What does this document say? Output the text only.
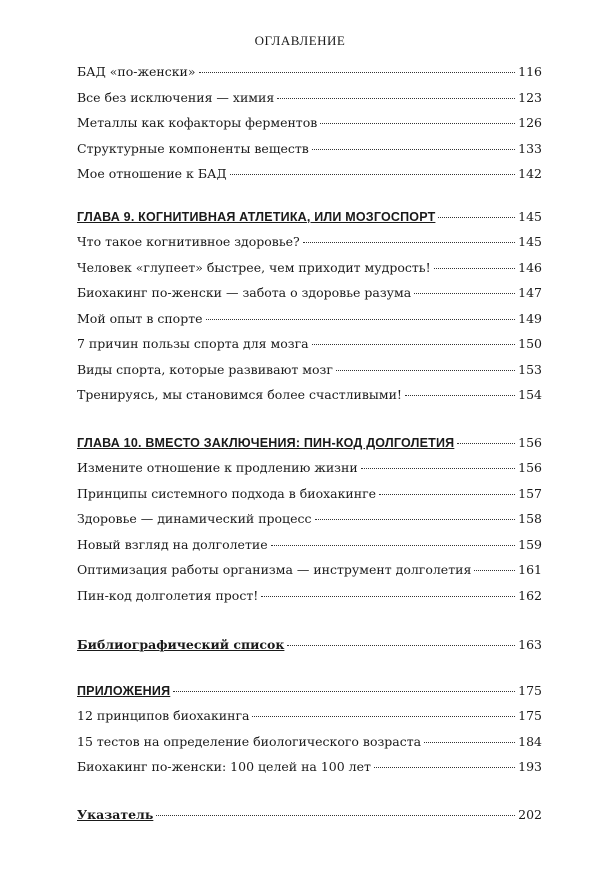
ОГЛАВЛЕНИЕ
БАД «по-женски»	116
Все без исключения — химия	123
Металлы как кофакторы ферментов	126
Структурные компоненты веществ	133
Мое отношение к БАД	142
ГЛАВА 9. КОГНИТИВНАЯ АТЛЕТИКА, ИЛИ МОЗГОСПОРТ	145
Что такое когнитивное здоровье?	145
Человек «глупеет» быстрее, чем приходит мудрость!	146
Биохакинг по-женски — забота о здоровье разума	147
Мой опыт в спорте	149
7 причин пользы спорта для мозга	150
Виды спорта, которые развивают мозг	153
Тренируясь, мы становимся более счастливыми!	154
ГЛАВА 10. ВМЕСТО ЗАКЛЮЧЕНИЯ: ПИН-КОД ДОЛГОЛЕТИЯ	156
Измените отношение к продлению жизни	156
Принципы системного подхода в биохакинге	157
Здоровье — динамический процесс	158
Новый взгляд на долголетие	159
Оптимизация работы организма — инструмент долголетия	161
Пин-код долголетия прост!	162
Библиографический список	163
ПРИЛОЖЕНИЯ	175
12 принципов биохакинга	175
15 тестов на определение биологического возраста	184
Биохакинг по-женски: 100 целей на 100 лет	193
Указатель	202
